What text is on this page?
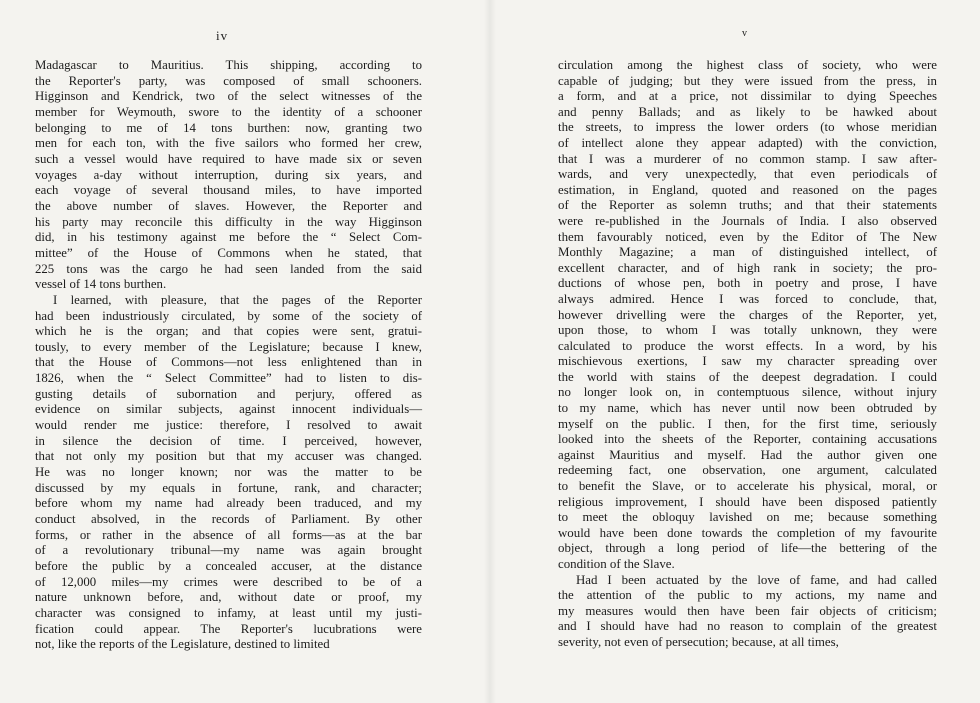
iv
Madagascar to Mauritius. This shipping, according to
the Reporter's party, was composed of small schooners.
Higginson and Kendrick, two of the select witnesses of the
member for Weymouth, swore to the identity of a schooner
belonging to me of 14 tons burthen: now, granting two
men for each ton, with the five sailors who formed her crew,
such a vessel would have required to have made six or seven
voyages a-day without interruption, during six years, and
each voyage of several thousand miles, to have imported
the above number of slaves. However, the Reporter and
his party may reconcile this difficulty in the way Higginson
did, in his testimony against me before the “ Select Com-
mittee” of the House of Commons when he stated, that
225 tons was the cargo he had seen landed from the said
vessel of 14 tons burthen.
I learned, with pleasure, that the pages of the Reporter
had been industriously circulated, by some of the society of
which he is the organ; and that copies were sent, gratui-
tously, to every member of the Legislature; because I knew,
that the House of Commons—not less enlightened than in
1826, when the “ Select Committee” had to listen to dis-
gusting details of subornation and perjury, offered as
evidence on similar subjects, against innocent individuals—
would render me justice: therefore, I resolved to await
in silence the decision of time. I perceived, however,
that not only my position but that my accuser was changed.
He was no longer known; nor was the matter to be
discussed by my equals in fortune, rank, and character;
before whom my name had already been traduced, and my
conduct absolved, in the records of Parliament. By other
forms, or rather in the absence of all forms—as at the bar
of a revolutionary tribunal—my name was again brought
before the public by a concealed accuser, at the distance
of 12,000 miles—my crimes were described to be of a
nature unknown before, and, without date or proof, my
character was consigned to infamy, at least until my justi-
fication could appear. The Reporter's lucubrations were
not, like the reports of the Legislature, destined to limited
v
circulation among the highest class of society, who were
capable of judging; but they were issued from the press, in
a form, and at a price, not dissimilar to dying Speeches
and penny Ballads; and as likely to be hawked about
the streets, to impress the lower orders (to whose meridian
of intellect alone they appear adapted) with the conviction,
that I was a murderer of no common stamp. I saw after-
wards, and very unexpectedly, that even periodicals of
estimation, in England, quoted and reasoned on the pages
of the Reporter as solemn truths; and that their statements
were re-published in the Journals of India. I also observed
them favourably noticed, even by the Editor of The New
Monthly Magazine; a man of distinguished intellect, of
excellent character, and of high rank in society; the pro-
ductions of whose pen, both in poetry and prose, I have
always admired. Hence I was forced to conclude, that,
however drivelling were the charges of the Reporter, yet,
upon those, to whom I was totally unknown, they were
calculated to produce the worst effects. In a word, by his
mischievous exertions, I saw my character spreading over
the world with stains of the deepest degradation. I could
no longer look on, in contemptuous silence, without injury
to my name, which has never until now been obtruded by
myself on the public. I then, for the first time, seriously
looked into the sheets of the Reporter, containing accusations
against Mauritius and myself. Had the author given one
redeeming fact, one observation, one argument, calculated
to benefit the Slave, or to accelerate his physical, moral, or
religious improvement, I should have been disposed patiently
to meet the obloquy lavished on me; because something
would have been done towards the completion of my favourite
object, through a long period of life—the bettering of the
condition of the Slave.
Had I been actuated by the love of fame, and had called
the attention of the public to my actions, my name and
my measures would then have been fair objects of criticism;
and I should have had no reason to complain of the greatest
severity, not even of persecution; because, at all times,
